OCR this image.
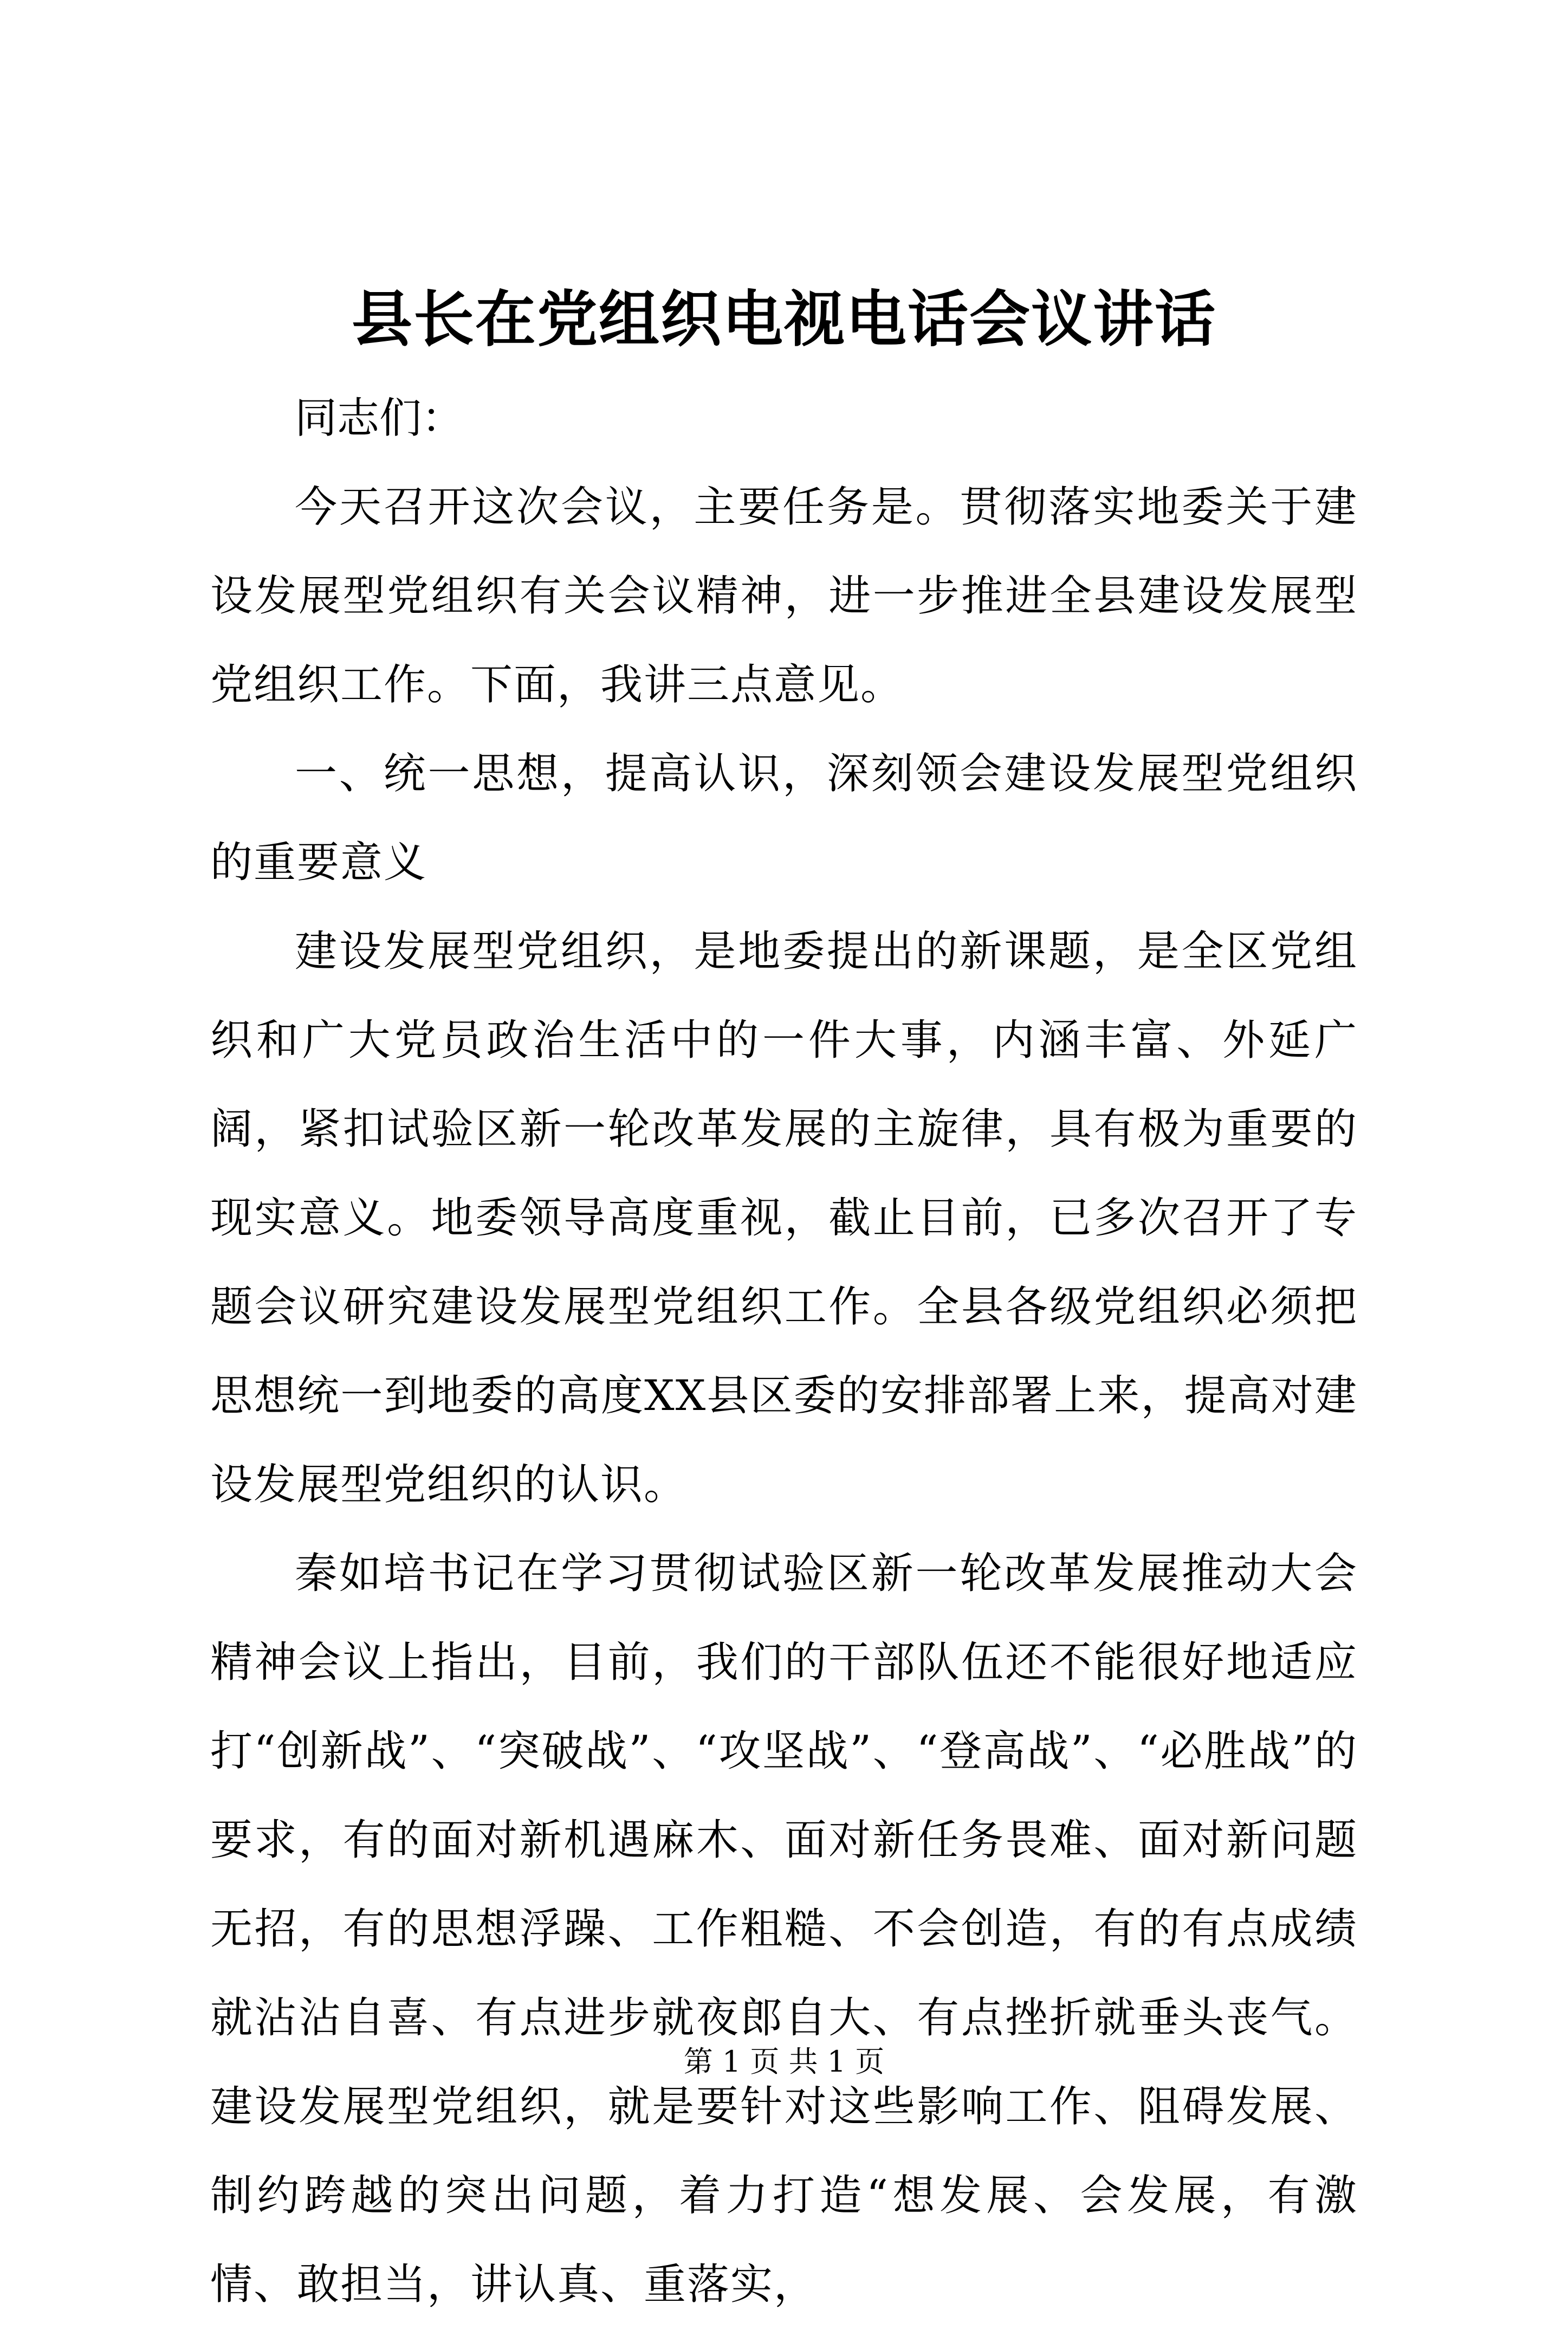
县长在党组织电视电话会议讲话

同志们：

今天召开这次会议，主要任务是。贯彻落实地委关于建设发展型党组织有关会议精神，进一步推进全县建设发展型党组织工作。下面，我讲三点意见。

一、统一思想，提高认识，深刻领会建设发展型党组织的重要意义

建设发展型党组织，是地委提出的新课题，是全区党组织和广大党员政治生活中的一件大事，内涵丰富、外延广阔，紧扣试验区新一轮改革发展的主旋律，具有极为重要的现实意义。地委领导高度重视，截止目前，已多次召开了专题会议研究建设发展型党组织工作。全县各级党组织必须把思想统一到地委的高度XX县区委的安排部署上来，提高对建设发展型党组织的认识。

秦如培书记在学习贯彻试验区新一轮改革发展推动大会精神会议上指出，目前，我们的干部队伍还不能很好地适应打“创新战”、“突破战”、“攻坚战”、“登高战”、“必胜战”的要求，有的面对新机遇麻木、面对新任务畏难、面对新问题无招，有的思想浮躁、工作粗糙、不会创造，有的有点成绩就沾沾自喜、有点进步就夜郎自大、有点挫折就垂头丧气。建设发展型党组织，就是要针对这些影响工作、阻碍发展、制约跨越的突出问题，着力打造“想发展、会发展，有激情、敢担当，讲认真、重落实，

第 1 页 共 1 页
